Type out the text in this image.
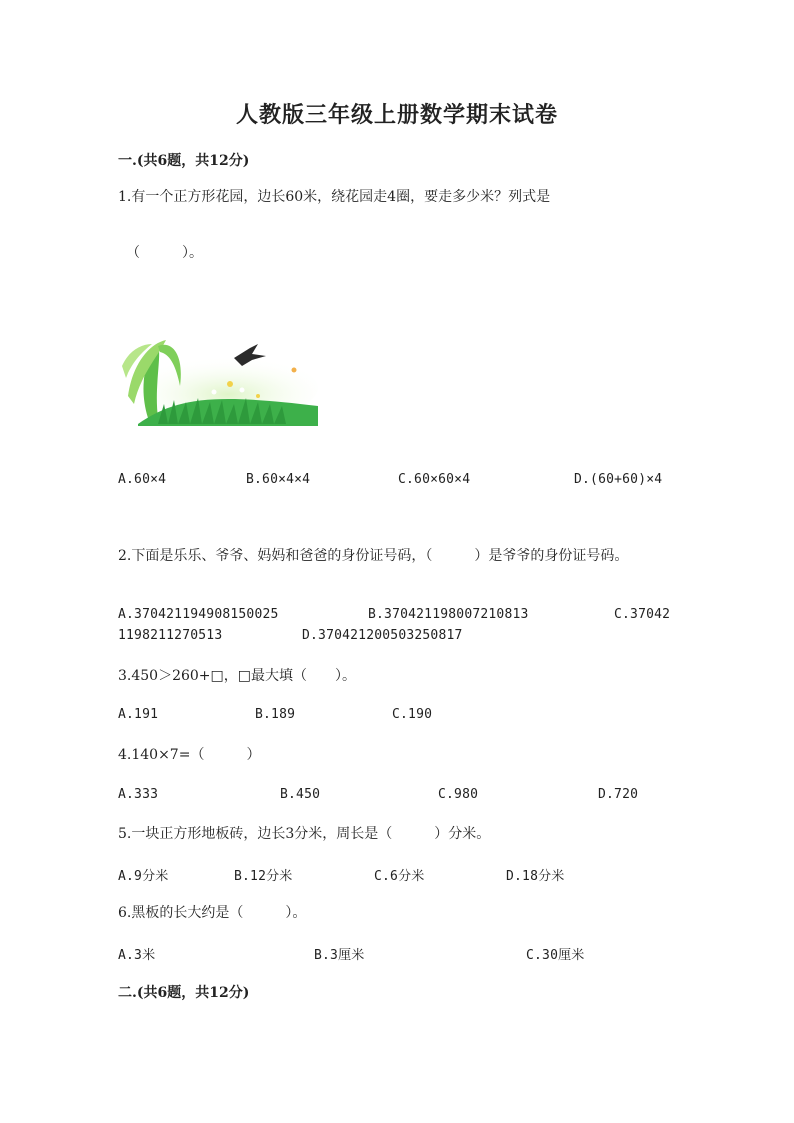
人教版三年级上册数学期末试卷
一.(共6题，共12分)
1.有一个正方形花园，边长60米，绕花园走4圈，要走多少米？列式是
（　　　）。
A.60×4	B.60×4×4	C.60×60×4	D.(60+60)×4
2.下面是乐乐、爷爷、妈妈和爸爸的身份证号码，（　　　）是爷爷的身份证号码。
A.370421194908150025	B.370421198007210813	C.37042
1198211270513	D.370421200503250817
3.450＞260+□，□最大填（　　）。
A.191	B.189	C.190
4.140×7=（　　　）
A.333	B.450	C.980	D.720
5.一块正方形地板砖，边长3分米，周长是（　　　）分米。
A.9分米	B.12分米	C.6分米	D.18分米
6.黑板的长大约是（　　　）。
A.3米	B.3厘米	C.30厘米
二.(共6题，共12分)
